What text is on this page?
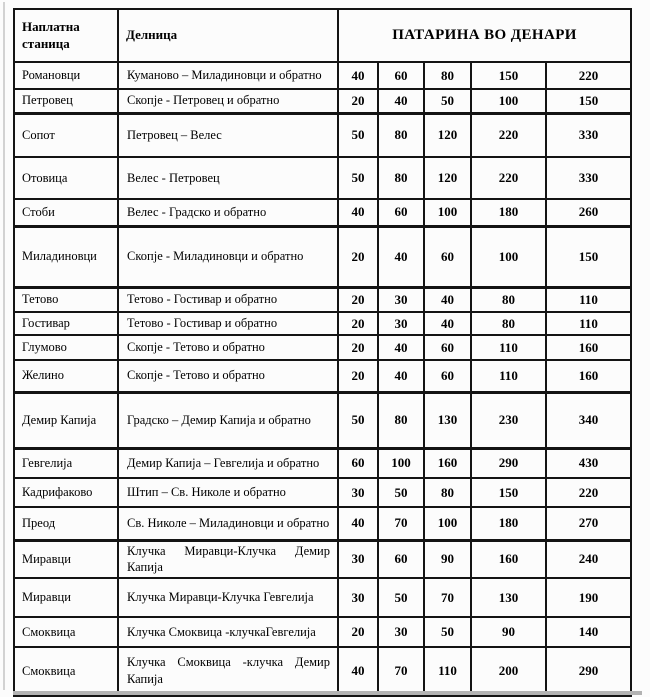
Наплатна станица	Делница	ПАТАРИНА ВО ДЕНАРИ				
Романовци	Куманово – Миладиновци и обратно	40	60	80	150	220
Петровец	Скопје - Петровец и обратно	20	40	50	100	150
Сопот	Петровец – Велес	50	80	120	220	330
Отовица	Велес - Петровец	50	80	120	220	330
Стоби	Велес - Градско и обратно	40	60	100	180	260
Миладиновци	Скопје - Миладиновци и обратно	20	40	60	100	150
Тетово	Тетово - Гостивар и обратно	20	30	40	80	110
Гостивар	Тетово - Гостивар и обратно	20	30	40	80	110
Глумово	Скопје - Тетово и обратно	20	40	60	110	160
Желино	Скопје - Тетово и обратно	20	40	60	110	160
Демир Капија	Градско – Демир Капија и обратно	50	80	130	230	340
Гевгелија	Демир Капија – Гевгелија и обратно	60	100	160	290	430
Кадрифаково	Штип – Св. Николе и обратно	30	50	80	150	220
Преод	Св. Николе – Миладиновци и обратно	40	70	100	180	270
Миравци	Клучка Миравци-Клучка Демир Капија	30	60	90	160	240
Миравци	Клучка Миравци-Клучка Гевгелија	30	50	70	130	190
Смоквица	Клучка Смоквица -клучкаГевгелија	20	30	50	90	140
Смоквица	Клучка Смоквица -клучка Демир Капија	40	70	110	200	290
